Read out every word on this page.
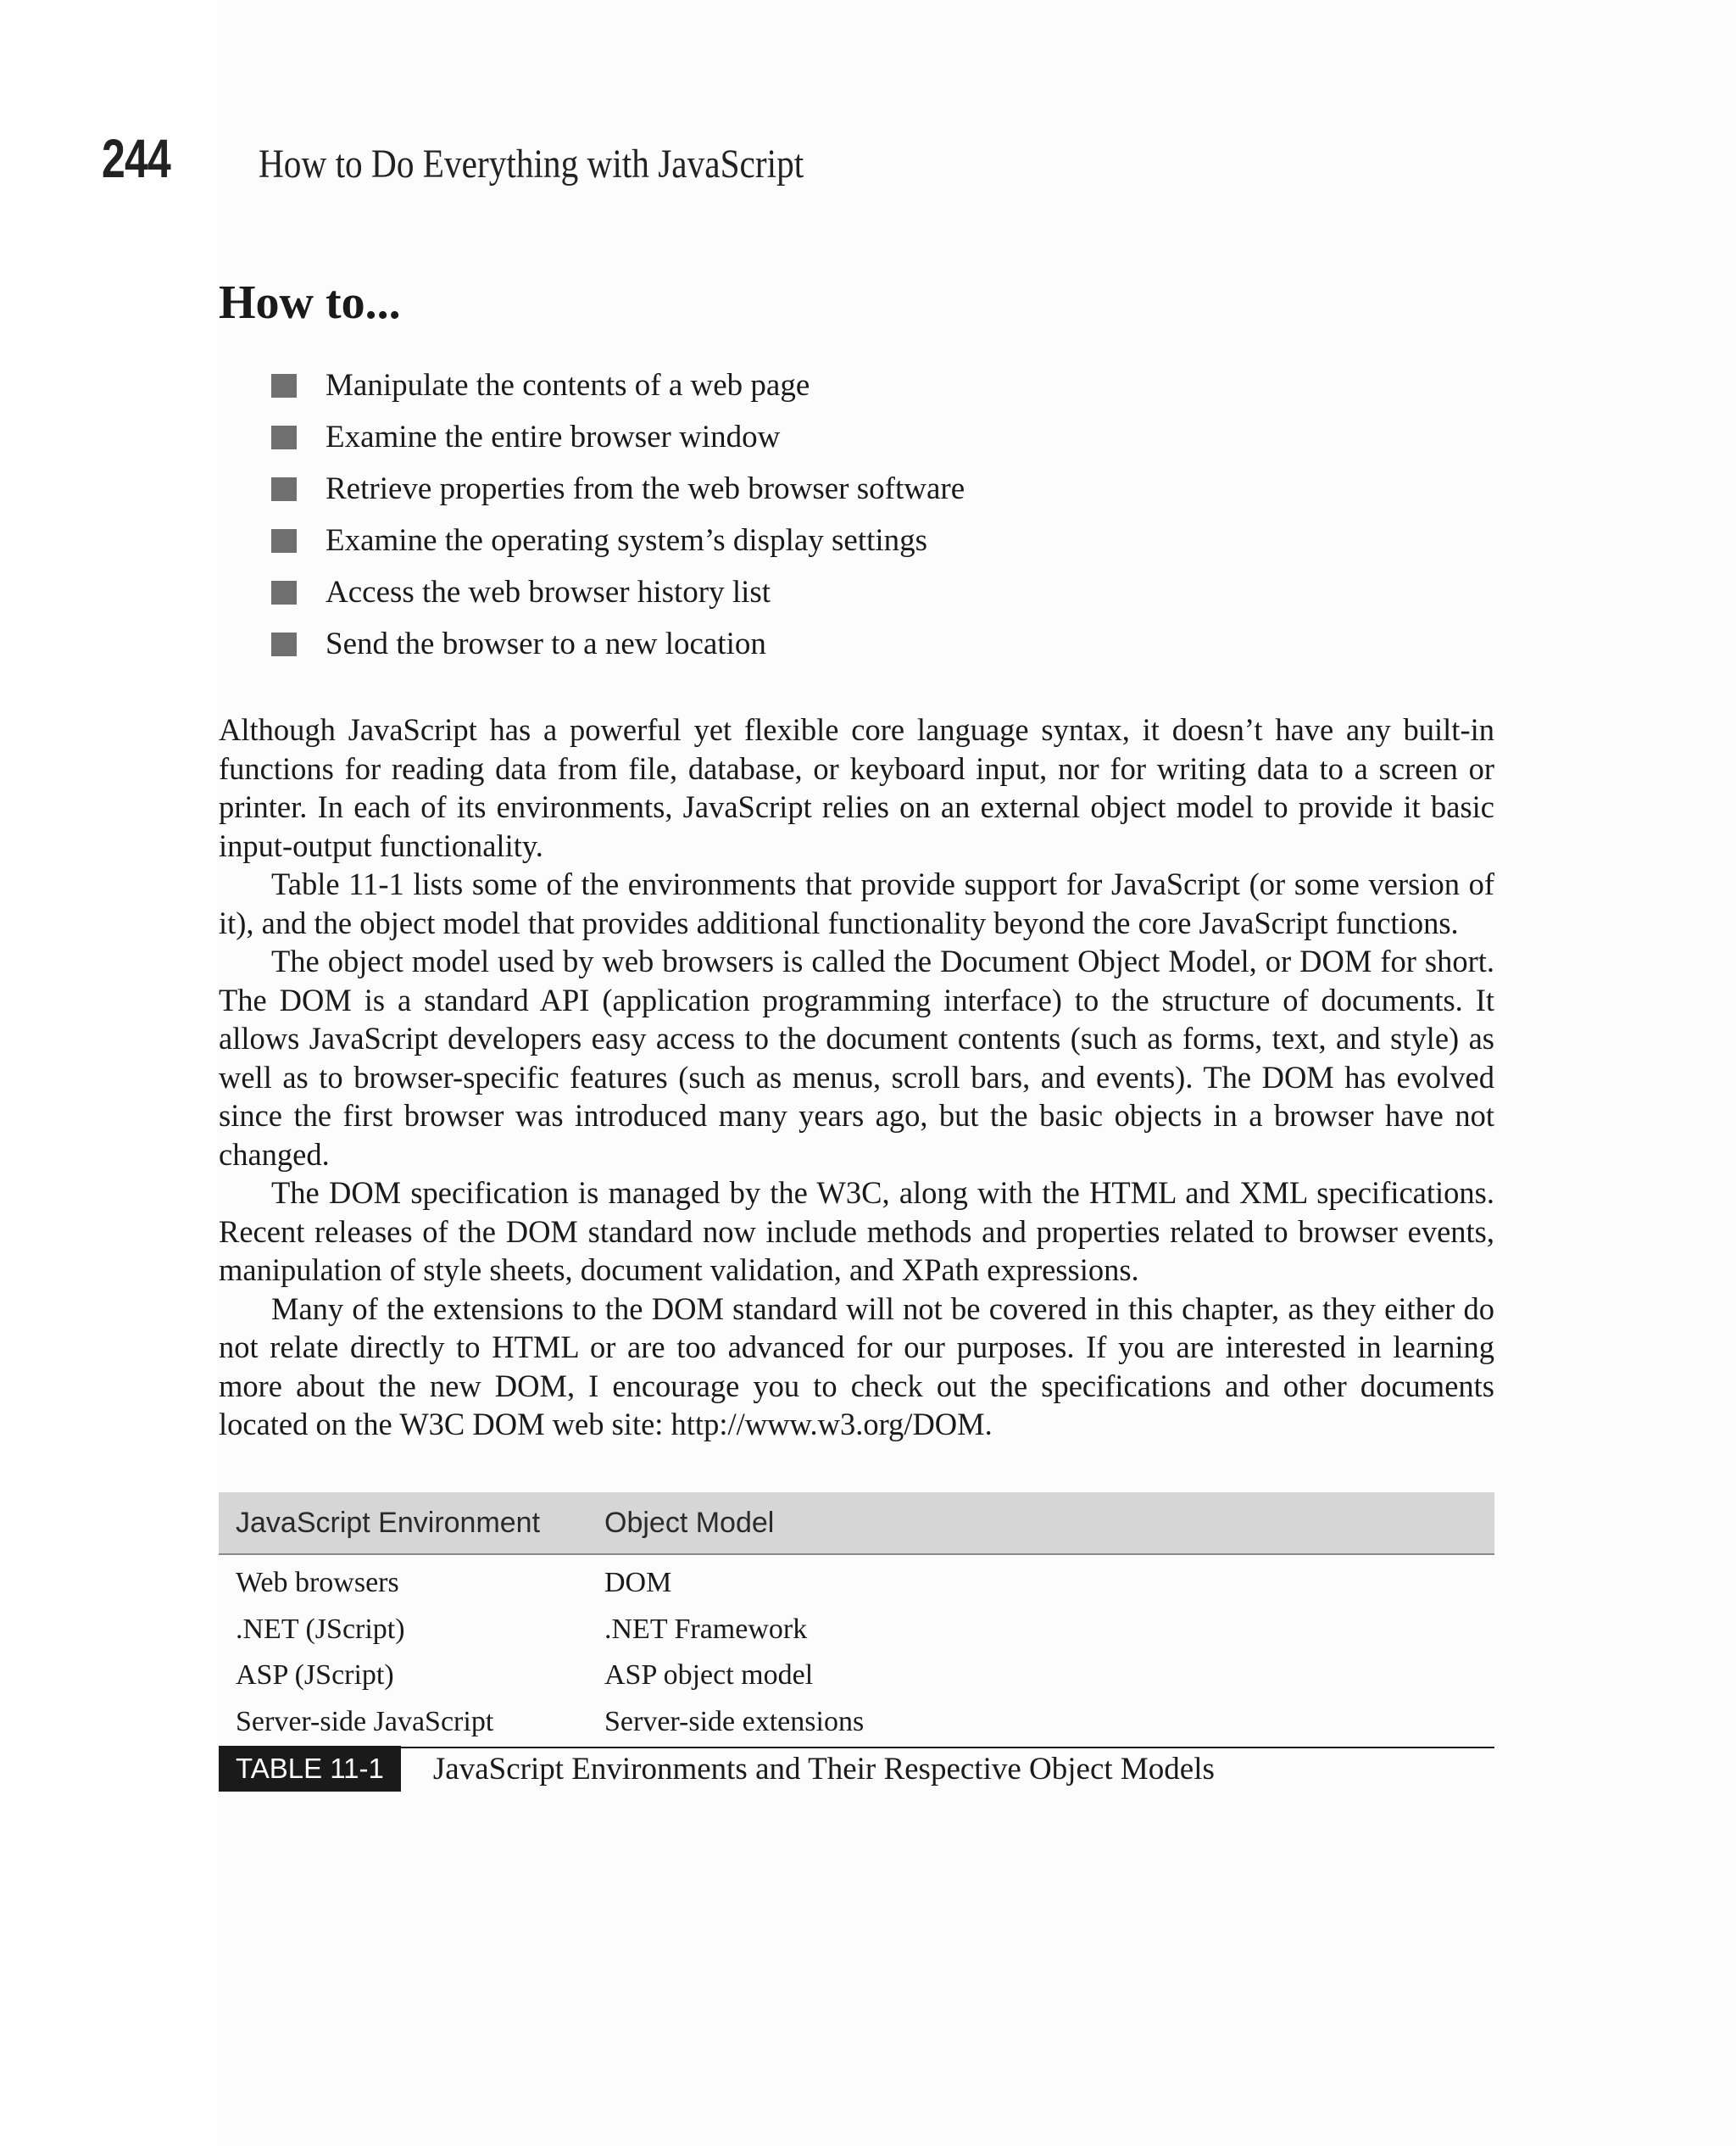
244 How to Do Everything with JavaScript
How to...
Manipulate the contents of a web page
Examine the entire browser window
Retrieve properties from the web browser software
Examine the operating system’s display settings
Access the web browser history list
Send the browser to a new location

Although JavaScript has a powerful yet flexible core language syntax, it doesn’t have any built-in functions for reading data from file, database, or keyboard input, nor for writing data to a screen or printer. In each of its environments, JavaScript relies on an external object model to provide it basic input-output functionality.

Table 11-1 lists some of the environments that provide support for JavaScript (or some version of it), and the object model that provides additional functionality beyond the core JavaScript functions.

The object model used by web browsers is called the Document Object Model, or DOM for short. The DOM is a standard API (application programming interface) to the structure of documents. It allows JavaScript developers easy access to the document contents (such as forms, text, and style) as well as to browser-specific features (such as menus, scroll bars, and events). The DOM has evolved since the first browser was introduced many years ago, but the basic objects in a browser have not changed.

The DOM specification is managed by the W3C, along with the HTML and XML specifications. Recent releases of the DOM standard now include methods and properties related to browser events, manipulation of style sheets, document validation, and XPath expressions.

Many of the extensions to the DOM standard will not be covered in this chapter, as they either do not relate directly to HTML or are too advanced for our purposes. If you are interested in learning more about the new DOM, I encourage you to check out the specifications and other documents located on the W3C DOM web site: http://www.w3.org/DOM.

JavaScript Environment	Object Model
Web browsers	DOM
.NET (JScript)	.NET Framework
ASP (JScript)	ASP object model
Server-side JavaScript	Server-side extensions
TABLE 11-1	JavaScript Environments and Their Respective Object Models
